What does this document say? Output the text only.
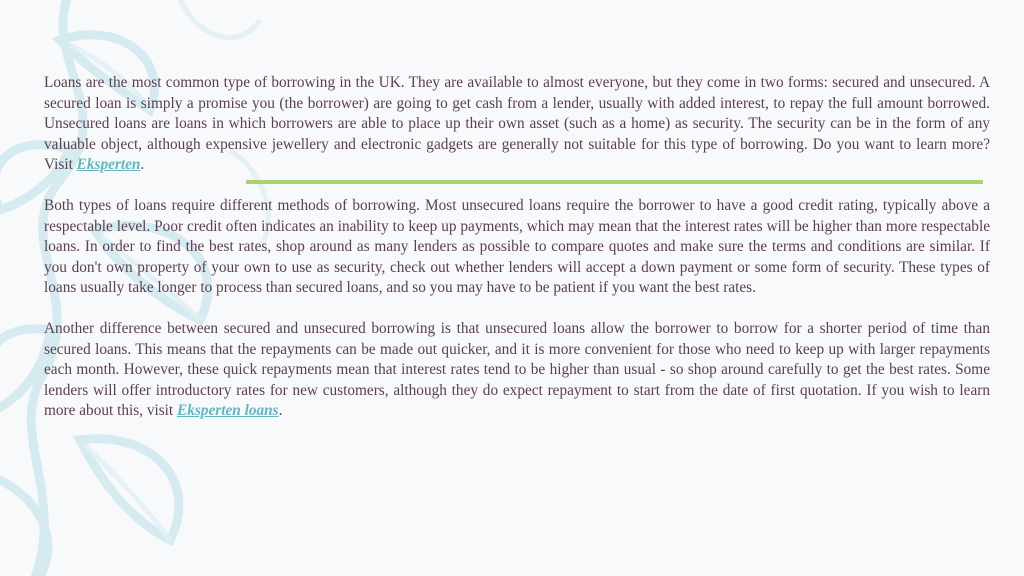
Loans are the most common type of borrowing in the UK. They are available to almost everyone, but they come in two forms: secured and unsecured. A secured loan is simply a promise you (the borrower) are going to get cash from a lender, usually with added interest, to repay the full amount borrowed. Unsecured loans are loans in which borrowers are able to place up their own asset (such as a home) as security. The security can be in the form of any valuable object, although expensive jewellery and electronic gadgets are generally not suitable for this type of borrowing. Do you want to learn more? Visit Eksperten.

Both types of loans require different methods of borrowing. Most unsecured loans require the borrower to have a good credit rating, typically above a respectable level. Poor credit often indicates an inability to keep up payments, which may mean that the interest rates will be higher than more respectable loans. In order to find the best rates, shop around as many lenders as possible to compare quotes and make sure the terms and conditions are similar. If you don't own property of your own to use as security, check out whether lenders will accept a down payment or some form of security. These types of loans usually take longer to process than secured loans, and so you may have to be patient if you want the best rates.

Another difference between secured and unsecured borrowing is that unsecured loans allow the borrower to borrow for a shorter period of time than secured loans. This means that the repayments can be made out quicker, and it is more convenient for those who need to keep up with larger repayments each month. However, these quick repayments mean that interest rates tend to be higher than usual - so shop around carefully to get the best rates. Some lenders will offer introductory rates for new customers, although they do expect repayment to start from the date of first quotation. If you wish to learn more about this, visit Eksperten loans.
